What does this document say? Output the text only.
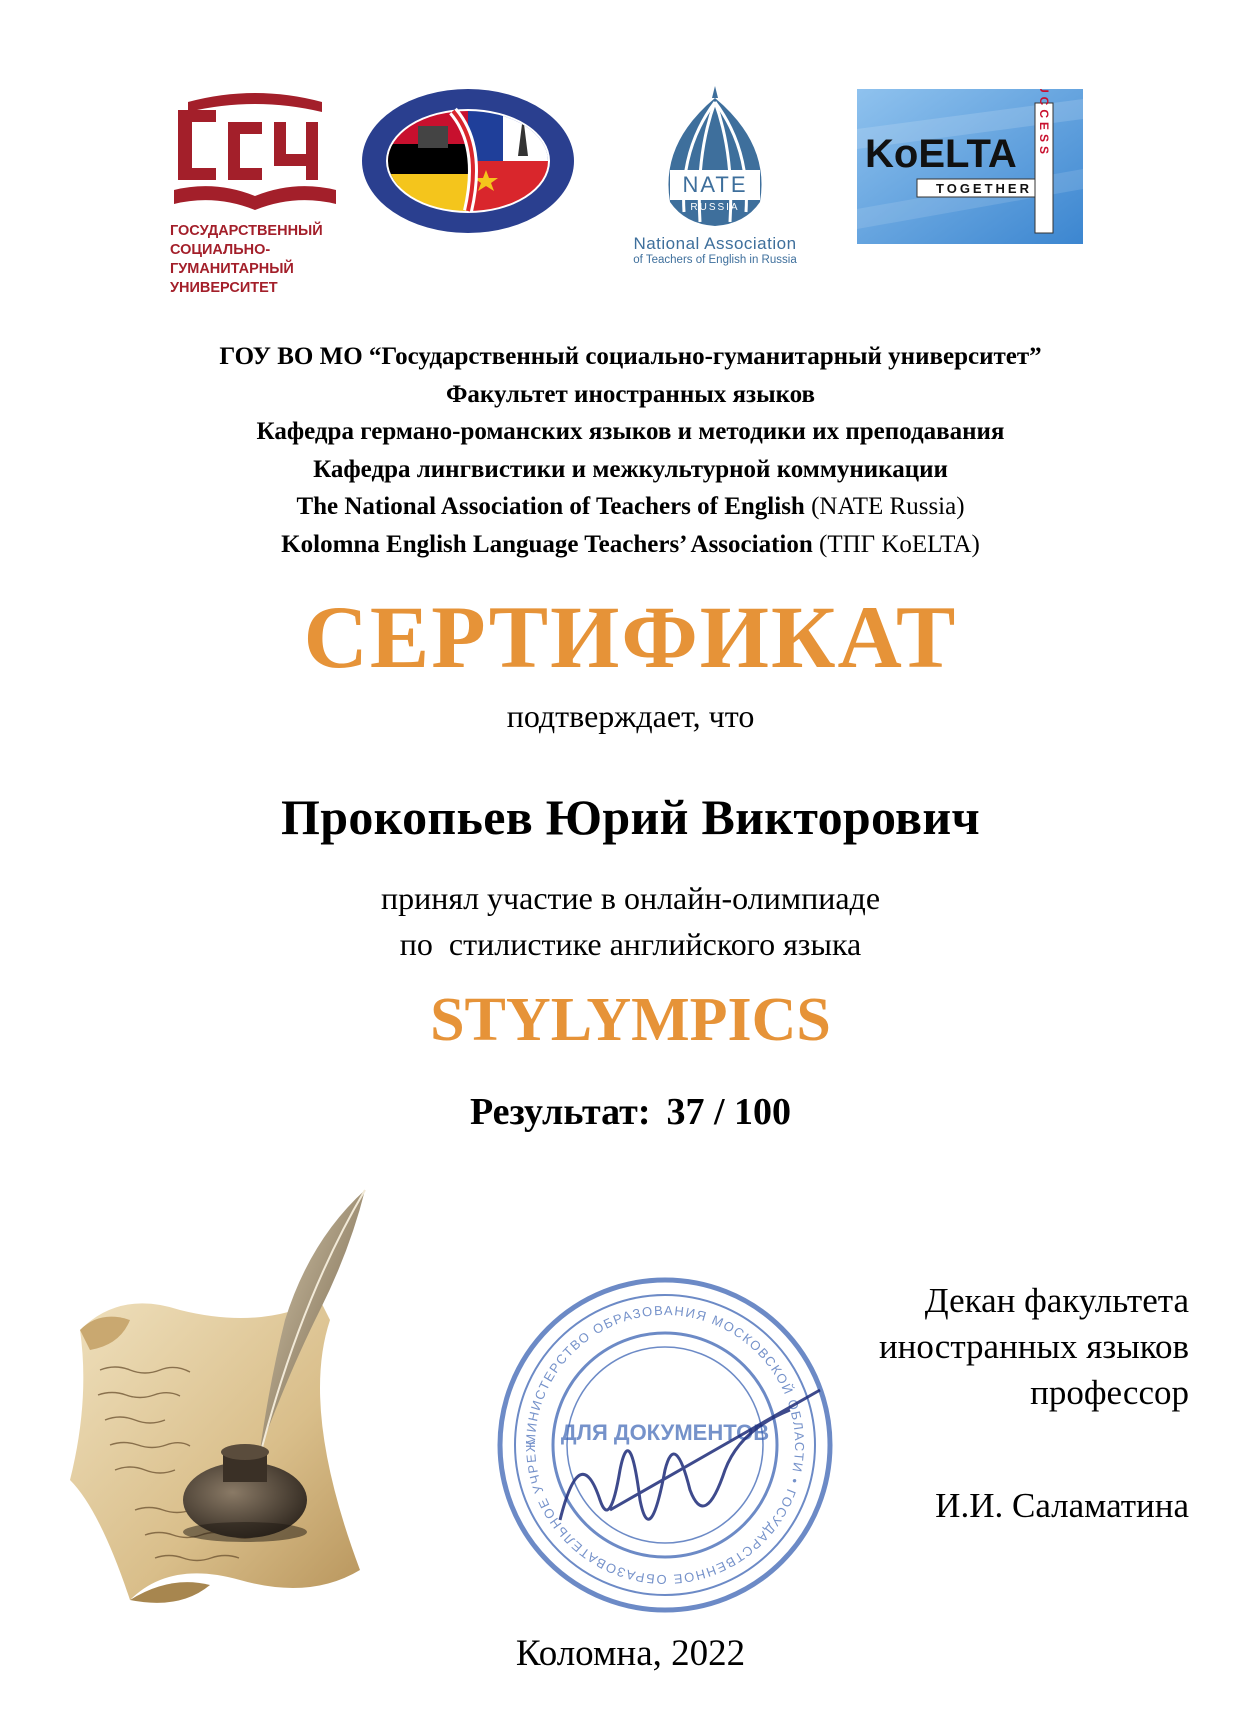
ГОСУДАРСТВЕННЫЙ
СОЦИАЛЬНО-
ГУМАНИТАРНЫЙ
УНИВЕРСИТЕТ
NATE
RUSSIA
National Association
of Teachers of English in Russia
KoELTA
TOGETHER
SUCCESS
ГОУ ВО МО “Государственный социально-гуманитарный университет”
Факультет иностранных языков
Кафедра германо-романских языков и методики их преподавания
Кафедра лингвистики и межкультурной коммуникации
The National Association of Teachers of English (NATE Russia)
Kolomna English Language Teachers’ Association (ТПГ KoELTA)
СЕРТИФИКАТ
подтверждает, что
Прокопьев Юрий Викторович
принял участие в онлайн-олимпиаде
по  стилистике английского языка
STYLYMPICS
Результат: 37 / 100
МИНИСТЕРСТВО ОБРАЗОВАНИЯ МОСКОВСКОЙ ОБЛАСТИ • ГОСУДАРСТВЕННОЕ ОБРАЗОВАТЕЛЬНОЕ УЧРЕЖ
ДЛЯ ДОКУМЕНТОВ
Декан факультета
иностранных языков
профессор
И.И. Саламатина
Коломна, 2022
